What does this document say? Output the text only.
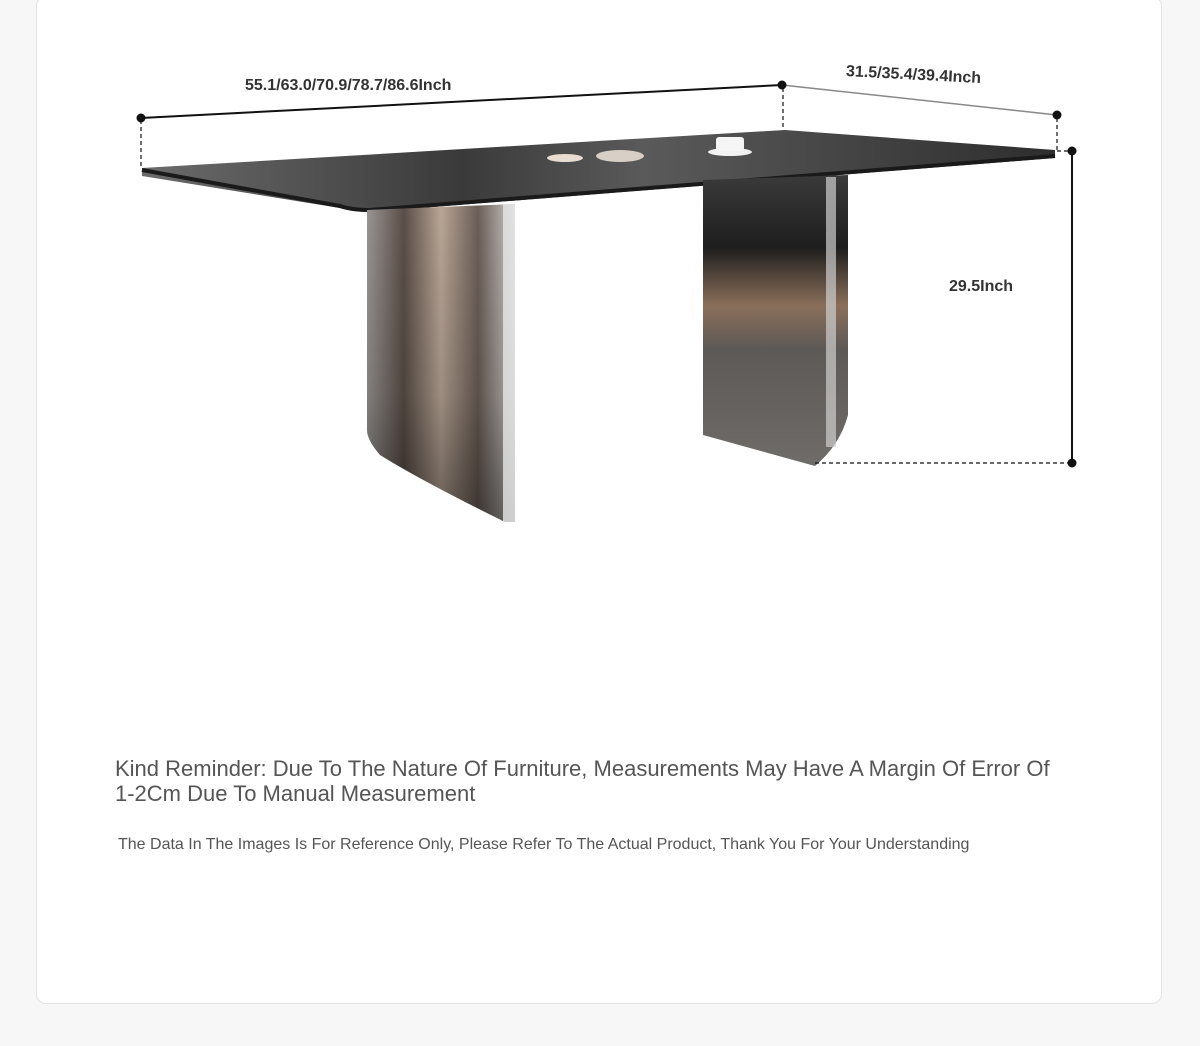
55.1/63.0/70.9/78.7/86.6Inch	31.5/35.4/39.4Inch
29.5Inch
Kind Reminder: Due To The Nature Of Furniture, Measurements May Have A Margin Of Error Of 1-2Cm Due To Manual Measurement
The Data In The Images Is For Reference Only, Please Refer To The Actual Product, Thank You For Your Understanding
